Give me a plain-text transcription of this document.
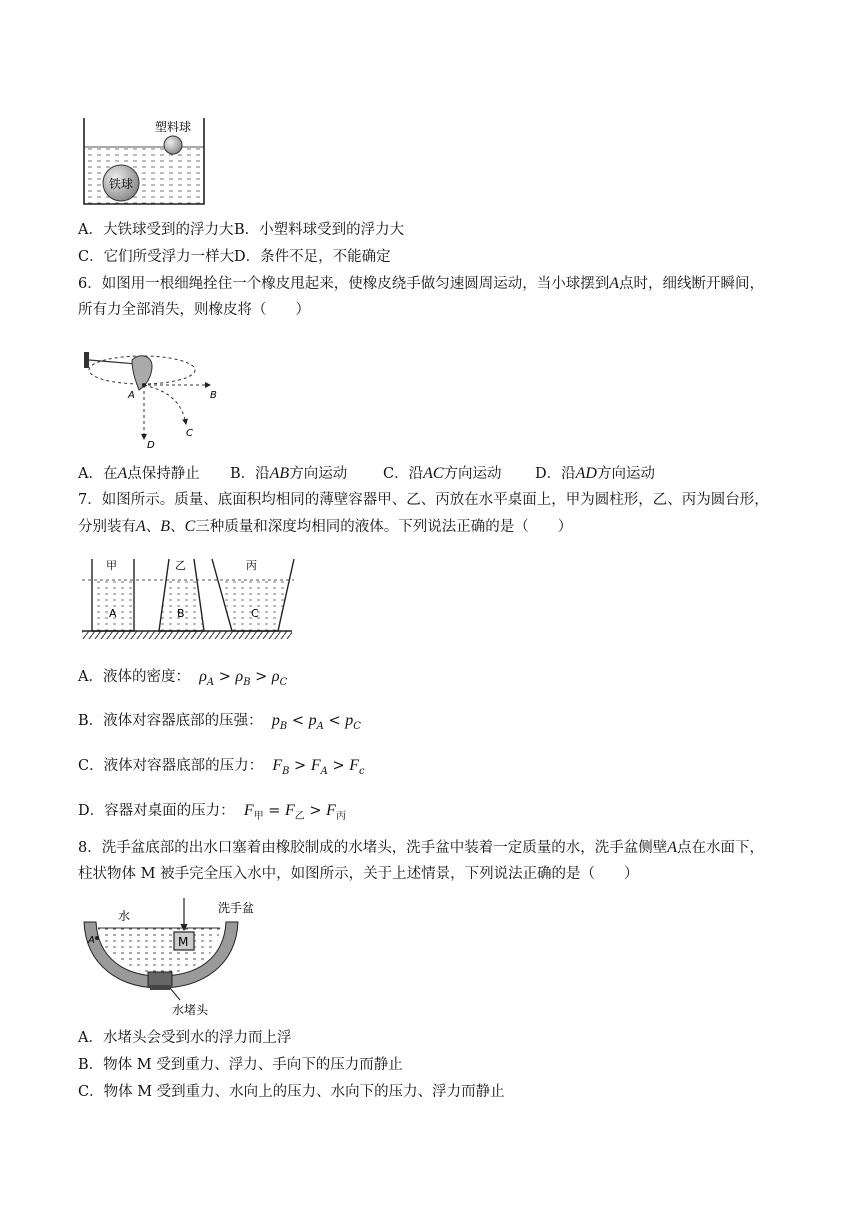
塑料球
铁球
A．大铁球受到的浮力大B．小塑料球受到的浮力大
C．它们所受浮力一样大D．条件不足，不能确定
6．如图用一根细绳拴住一个橡皮甩起来，使橡皮绕手做匀速圆周运动，当小球摆到A点时，细线断开瞬间，
所有力全部消失，则橡皮将（　　）
A	B
C
D
A．在A点保持静止 B．沿AB方向运动 C．沿AC方向运动 D．沿AD方向运动
7．如图所示。质量、底面积均相同的薄壁容器甲、乙、丙放在水平桌面上，甲为圆柱形，乙、丙为圆台形，
分别装有A、B、C三种质量和深度均相同的液体。下列说法正确的是（　　）
甲	乙	丙
A	B	C
A．液体的密度： $\rho_A > \rho_B > \rho_C$
B．液体对容器底部的压强： $p_B < p_A < p_C$
C．液体对容器底部的压力： $F_B > F_A > F_c$
D．容器对桌面的压力： $F_甲 = F_乙 > F_丙$
8．洗手盆底部的出水口塞着由橡胶制成的水堵头，洗手盆中装着一定质量的水，洗手盆侧壁A点在水面下，
柱状物体 M 被手完全压入水中，如图所示，关于上述情景，下列说法正确的是（　　）
M
A
水
洗手盆
水堵头
A．水堵头会受到水的浮力而上浮
B．物体 M 受到重力、浮力、手向下的压力而静止
C．物体 M 受到重力、水向上的压力、水向下的压力、浮力而静止
